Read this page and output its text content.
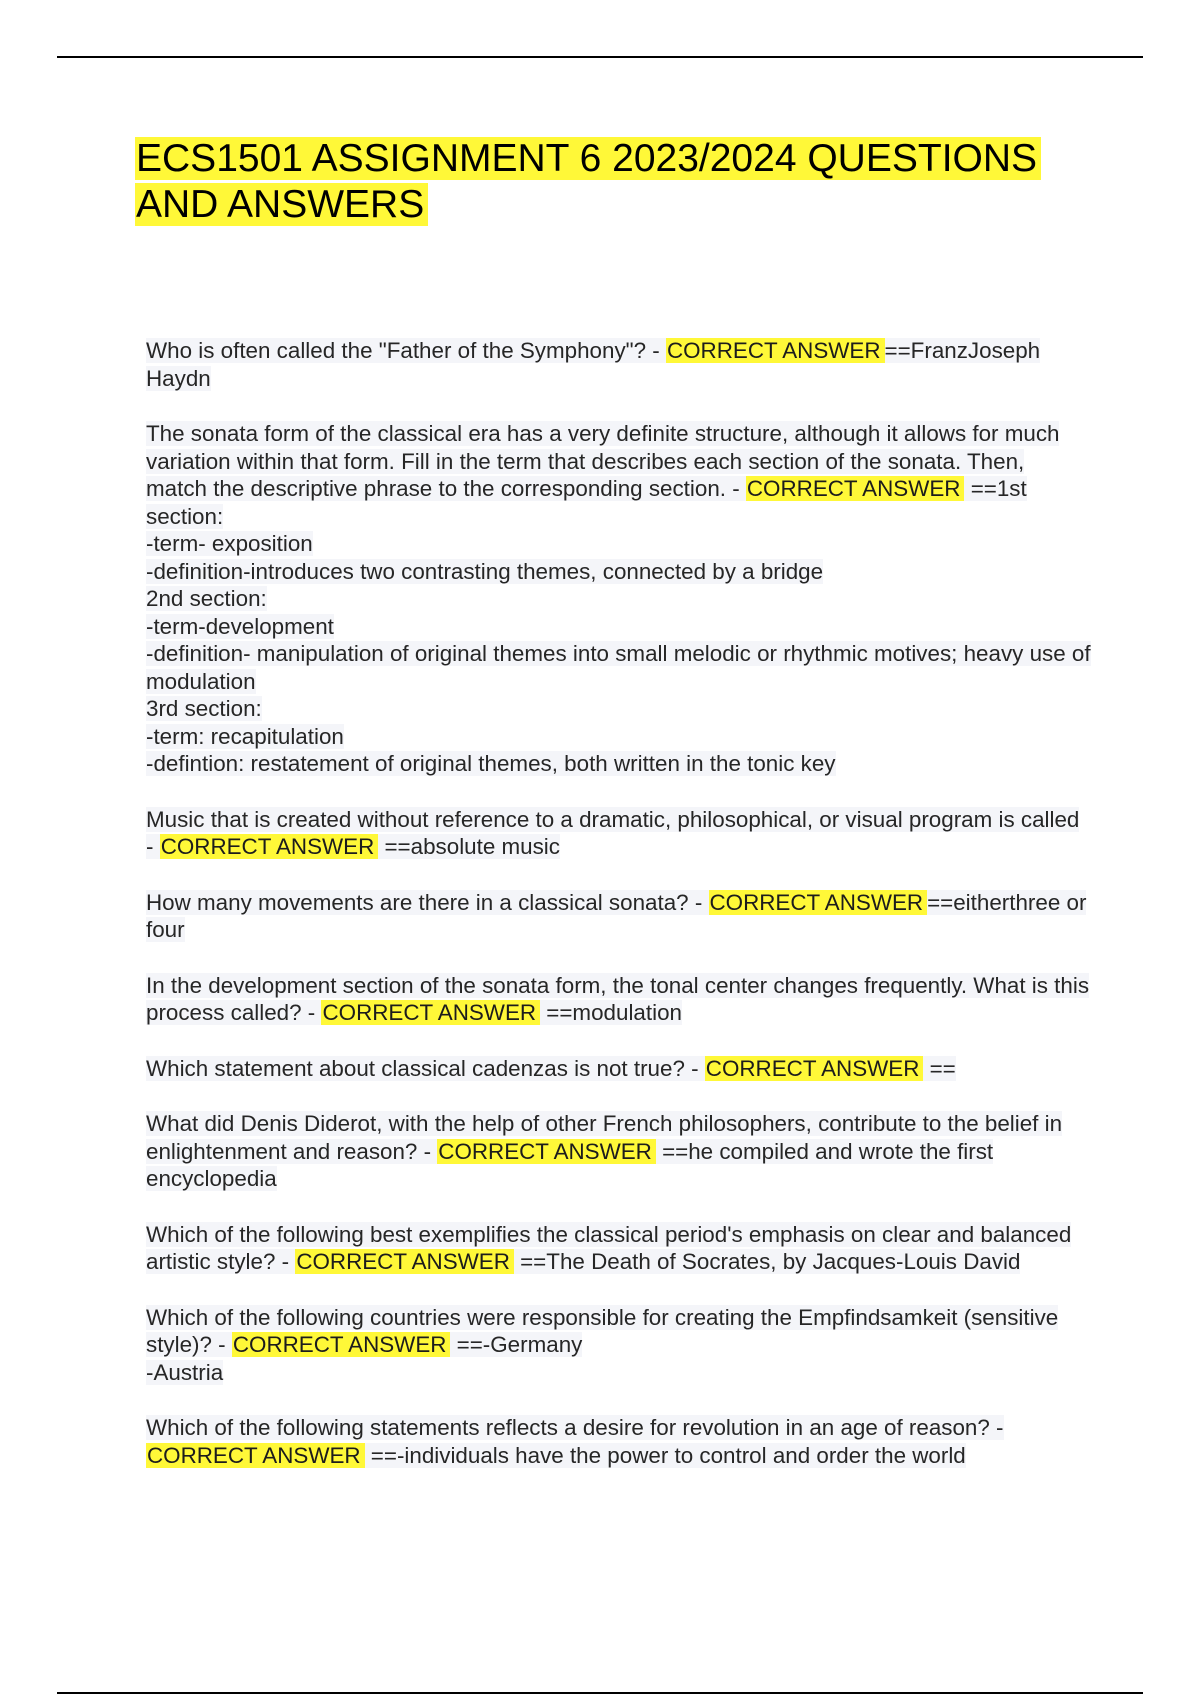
ECS1501 ASSIGNMENT 6 2023/2024 QUESTIONS
AND ANSWERS
Who is often called the "Father of the Symphony"? - CORRECT ANSWER ==FranzJoseph Haydn
The sonata form of the classical era has a very definite structure, although it allows for much variation within that form. Fill in the term that describes each section of the sonata. Then, match the descriptive phrase to the corresponding section. - CORRECT ANSWER ==1st section:
-term- exposition
-definition-introduces two contrasting themes, connected by a bridge
2nd section:
-term-development
-definition- manipulation of original themes into small melodic or rhythmic motives; heavy use of modulation
3rd section:
-term: recapitulation
-defintion: restatement of original themes, both written in the tonic key
Music that is created without reference to a dramatic, philosophical, or visual program is called - CORRECT ANSWER ==absolute music
How many movements are there in a classical sonata? - CORRECT ANSWER ==eitherthree or four
In the development section of the sonata form, the tonal center changes frequently. What is this process called? - CORRECT ANSWER ==modulation
Which statement about classical cadenzas is not true? - CORRECT ANSWER ==
What did Denis Diderot, with the help of other French philosophers, contribute to the belief in enlightenment and reason? - CORRECT ANSWER ==he compiled and wrote the first encyclopedia
Which of the following best exemplifies the classical period's emphasis on clear and balanced artistic style? - CORRECT ANSWER ==The Death of Socrates, by Jacques-Louis David
Which of the following countries were responsible for creating the Empfindsamkeit (sensitive style)? - CORRECT ANSWER ==-Germany
-Austria
Which of the following statements reflects a desire for revolution in an age of reason? - CORRECT ANSWER ==-individuals have the power to control and order the world
